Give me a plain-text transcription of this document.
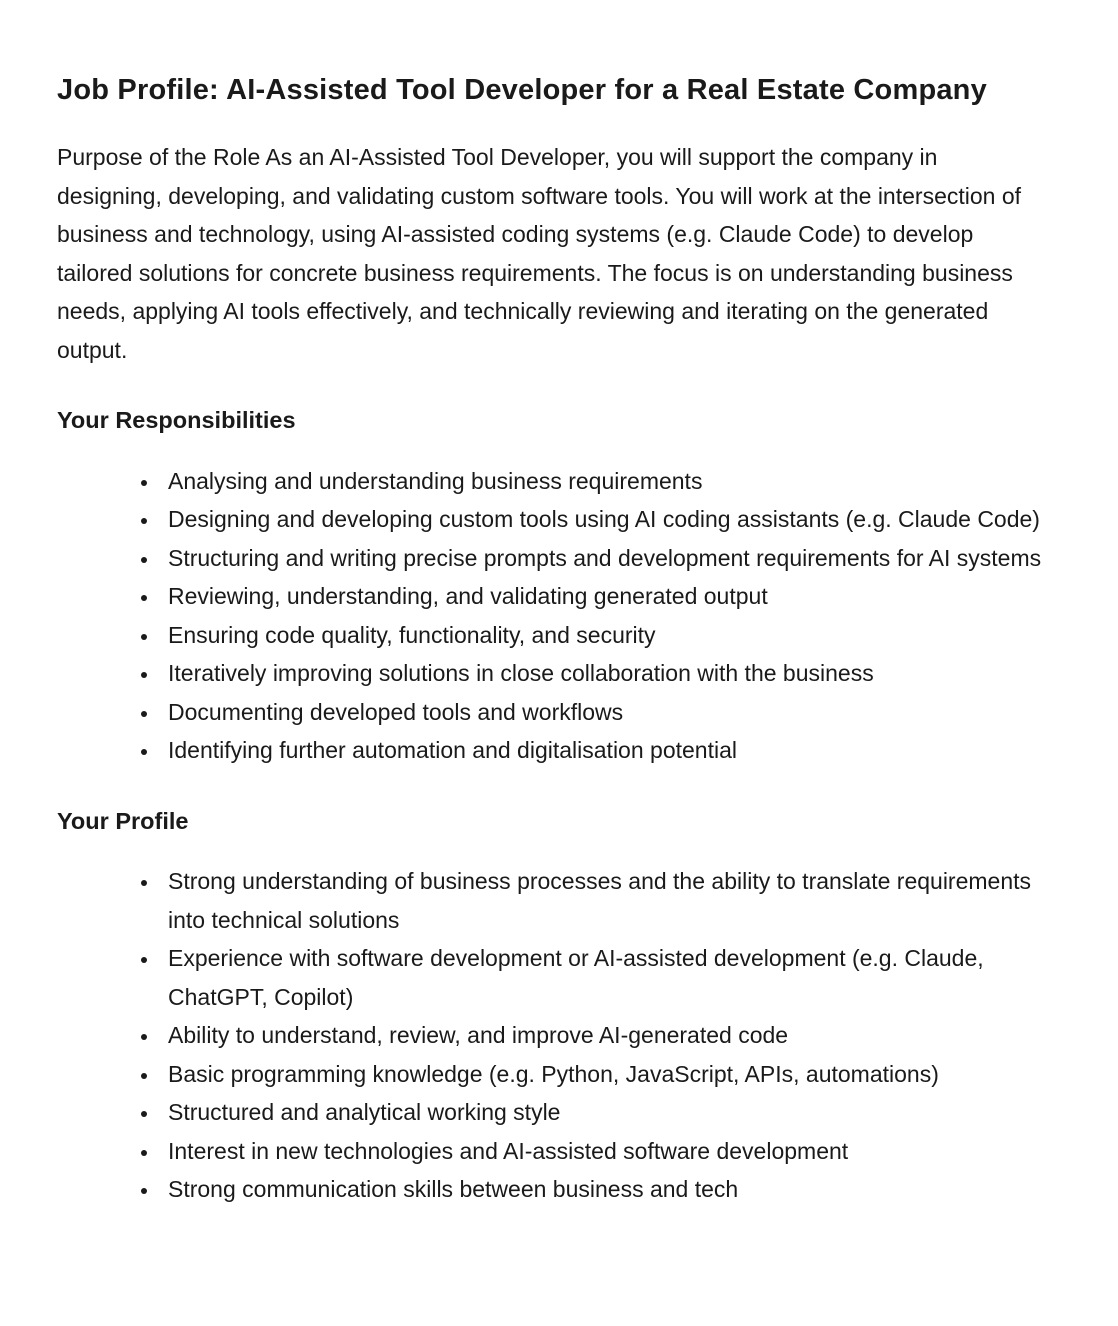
Job Profile: AI-Assisted Tool Developer for a Real Estate Company

Purpose of the Role As an AI-Assisted Tool Developer, you will support the company in designing, developing, and validating custom software tools. You will work at the intersection of business and technology, using AI-assisted coding systems (e.g. Claude Code) to develop tailored solutions for concrete business requirements. The focus is on understanding business needs, applying AI tools effectively, and technically reviewing and iterating on the generated output.

Your Responsibilities
• Analysing and understanding business requirements
• Designing and developing custom tools using AI coding assistants (e.g. Claude Code)
• Structuring and writing precise prompts and development requirements for AI systems
• Reviewing, understanding, and validating generated output
• Ensuring code quality, functionality, and security
• Iteratively improving solutions in close collaboration with the business
• Documenting developed tools and workflows
• Identifying further automation and digitalisation potential
Your Profile
• Strong understanding of business processes and the ability to translate requirements into technical solutions
• Experience with software development or AI-assisted development (e.g. Claude, ChatGPT, Copilot)
• Ability to understand, review, and improve AI-generated code
• Basic programming knowledge (e.g. Python, JavaScript, APIs, automations)
• Structured and analytical working style
• Interest in new technologies and AI-assisted software development
• Strong communication skills between business and tech
